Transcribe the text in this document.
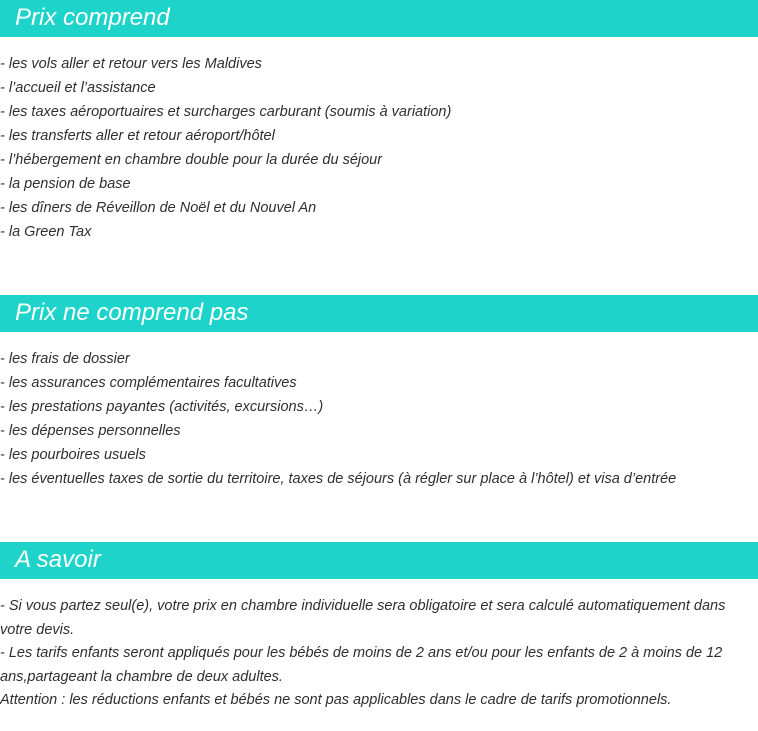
Prix comprend
- les vols aller et retour vers les Maldives
- l’accueil et l’assistance
- les taxes aéroportuaires et surcharges carburant (soumis à variation)
- les transferts aller et retour aéroport/hôtel
- l’hébergement en chambre double pour la durée du séjour
- la pension de base
- les dîners de Réveillon de Noël et du Nouvel An
- la Green Tax
Prix ne comprend pas
- les frais de dossier
- les assurances complémentaires facultatives
- les prestations payantes (activités, excursions…)
- les dépenses personnelles
- les pourboires usuels
- les éventuelles taxes de sortie du territoire, taxes de séjours (à régler sur place à l’hôtel) et visa d’entrée
A savoir

- Si vous partez seul(e), votre prix en chambre individuelle sera obligatoire et sera calculé automatiquement dans votre devis.

- Les tarifs enfants seront appliqués pour les bébés de moins de 2 ans et/ou pour les enfants de 2 à moins de 12 ans,partageant la chambre de deux adultes.

Attention : les réductions enfants et bébés ne sont pas applicables dans le cadre de tarifs promotionnels.
